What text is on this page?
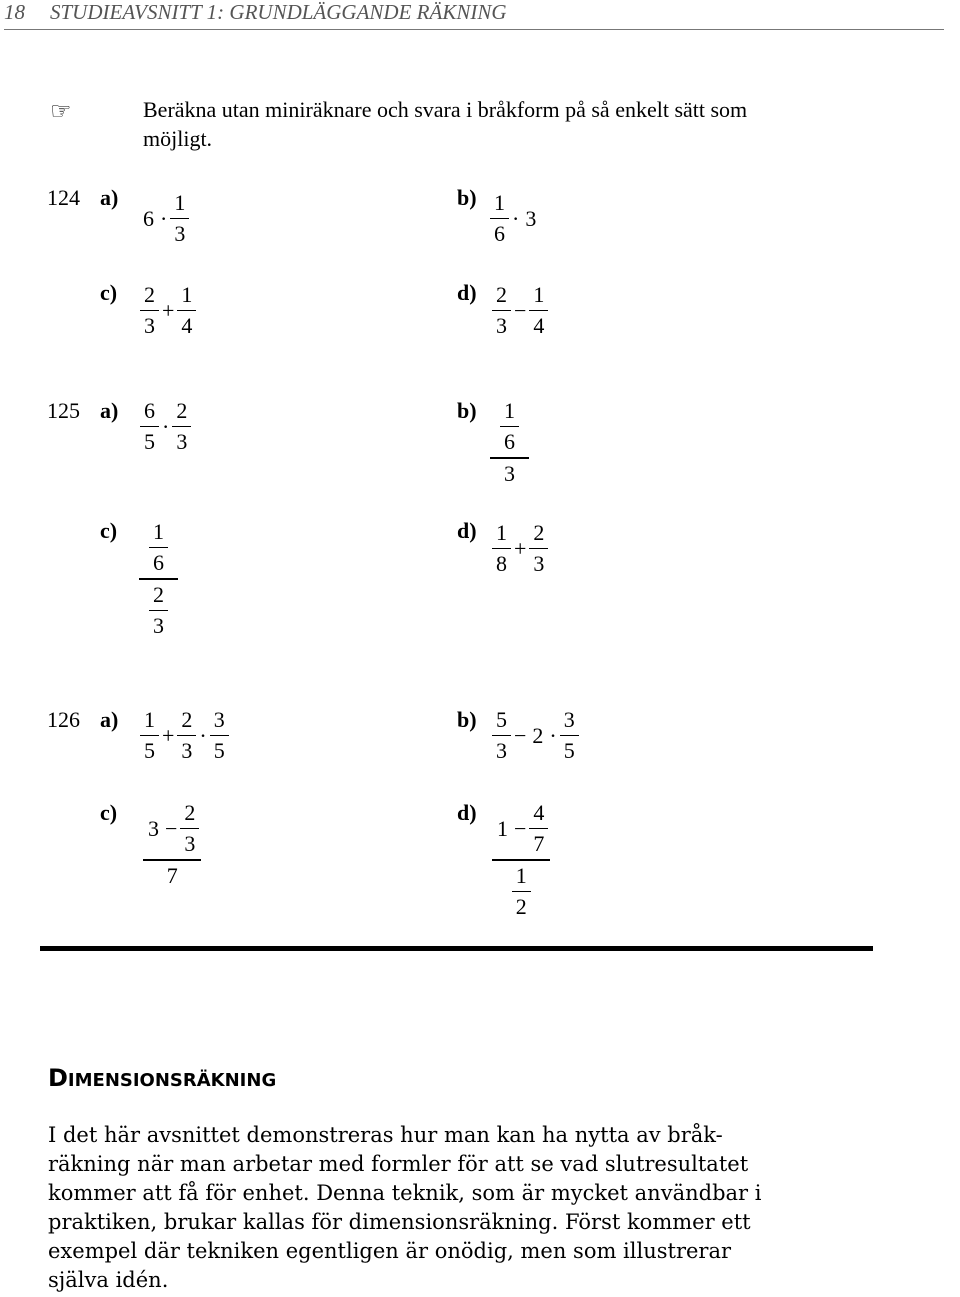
18 STUDIEAVSNITT 1: GRUNDLÄGGANDE RÄKNING
☞	Beräkna utan miniräknare och svara i bråkform på så enkelt sätt som
möjligt.
124 a)
$6 \cdot \frac{1}{3}$	$b) \frac{1}{6} \cdot 3$
$c) \frac{2}{3} + \frac{1}{4}$	$d) \frac{2}{3} - \frac{1}{4}$
125 $a) \frac{6}{5} \cdot \frac{2}{3}$	b) 1
6
3
c) 1
6
2
3	$d) \frac{1}{8} + \frac{2}{3}$
126 $a) \frac{1}{5} + \frac{2}{3} \cdot \frac{3}{5}$	$b) \frac{5}{3} - 2 \cdot \frac{3}{5}$
c) 3 −
2
3
7	d) 1 −
4
7
1
2
DIMENSIONSRÄKNING
I det här avsnittet demonstreras hur man kan ha nytta av bråk-
räkning när man arbetar med formler för att se vad slutresultatet
kommer att få för enhet. Denna teknik, som är mycket användbar i
praktiken, brukar kallas för dimensionsräkning. Först kommer ett
exempel där tekniken egentligen är onödig, men som illustrerar
själva idén.
